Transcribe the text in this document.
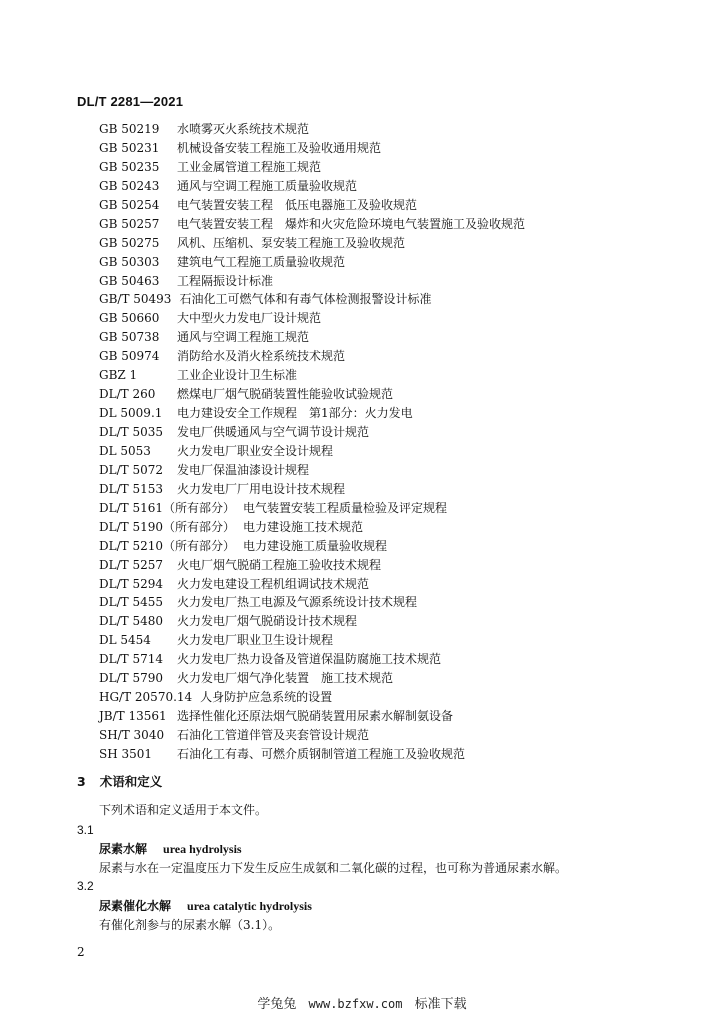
DL/T 2281—2021
GB 50219 水喷雾灭火系统技术规范
GB 50231 机械设备安装工程施工及验收通用规范
GB 50235 工业金属管道工程施工规范
GB 50243 通风与空调工程施工质量验收规范
GB 50254 电气装置安装工程　低压电器施工及验收规范
GB 50257 电气装置安装工程　爆炸和火灾危险环境电气装置施工及验收规范
GB 50275 风机、压缩机、泵安装工程施工及验收规范
GB 50303 建筑电气工程施工质量验收规范
GB 50463 工程隔振设计标准
GB/T 50493 石油化工可燃气体和有毒气体检测报警设计标准
GB 50660 大中型火力发电厂设计规范
GB 50738 通风与空调工程施工规范
GB 50974 消防给水及消火栓系统技术规范
GBZ 1	工业企业设计卫生标准
DL/T 260 燃煤电厂烟气脱硝装置性能验收试验规范
DL 5009.1 电力建设安全工作规程　第1部分：火力发电
DL/T 5035 发电厂供暖通风与空气调节设计规范
DL 5053 火力发电厂职业安全设计规程
DL/T 5072 发电厂保温油漆设计规程
DL/T 5153 火力发电厂厂用电设计技术规程
DL/T 5161（所有部分） 电气装置安装工程质量检验及评定规程
DL/T 5190（所有部分） 电力建设施工技术规范
DL/T 5210（所有部分） 电力建设施工质量验收规程
DL/T 5257 火电厂烟气脱硝工程施工验收技术规程
DL/T 5294 火力发电建设工程机组调试技术规范
DL/T 5455 火力发电厂热工电源及气源系统设计技术规程
DL/T 5480 火力发电厂烟气脱硝设计技术规程
DL 5454 火力发电厂职业卫生设计规程
DL/T 5714 火力发电厂热力设备及管道保温防腐施工技术规范
DL/T 5790 火力发电厂烟气净化装置　施工技术规范
HG/T 20570.14 人身防护应急系统的设置
JB/T 13561 选择性催化还原法烟气脱硝装置用尿素水解制氨设备
SH/T 3040 石油化工管道伴管及夹套管设计规范
SH 3501 石油化工有毒、可燃介质钢制管道工程施工及验收规范
3 术语和定义
下列术语和定义适用于本文件。
3.1
尿素水解 urea hydrolysis
尿素与水在一定温度压力下发生反应生成氨和二氧化碳的过程，也可称为普通尿素水解。
3.2
尿素催化水解 urea catalytic hydrolysis
有催化剂参与的尿素水解（3.1）。
2
学兔兔 www.bzfxw.com 标准下载
